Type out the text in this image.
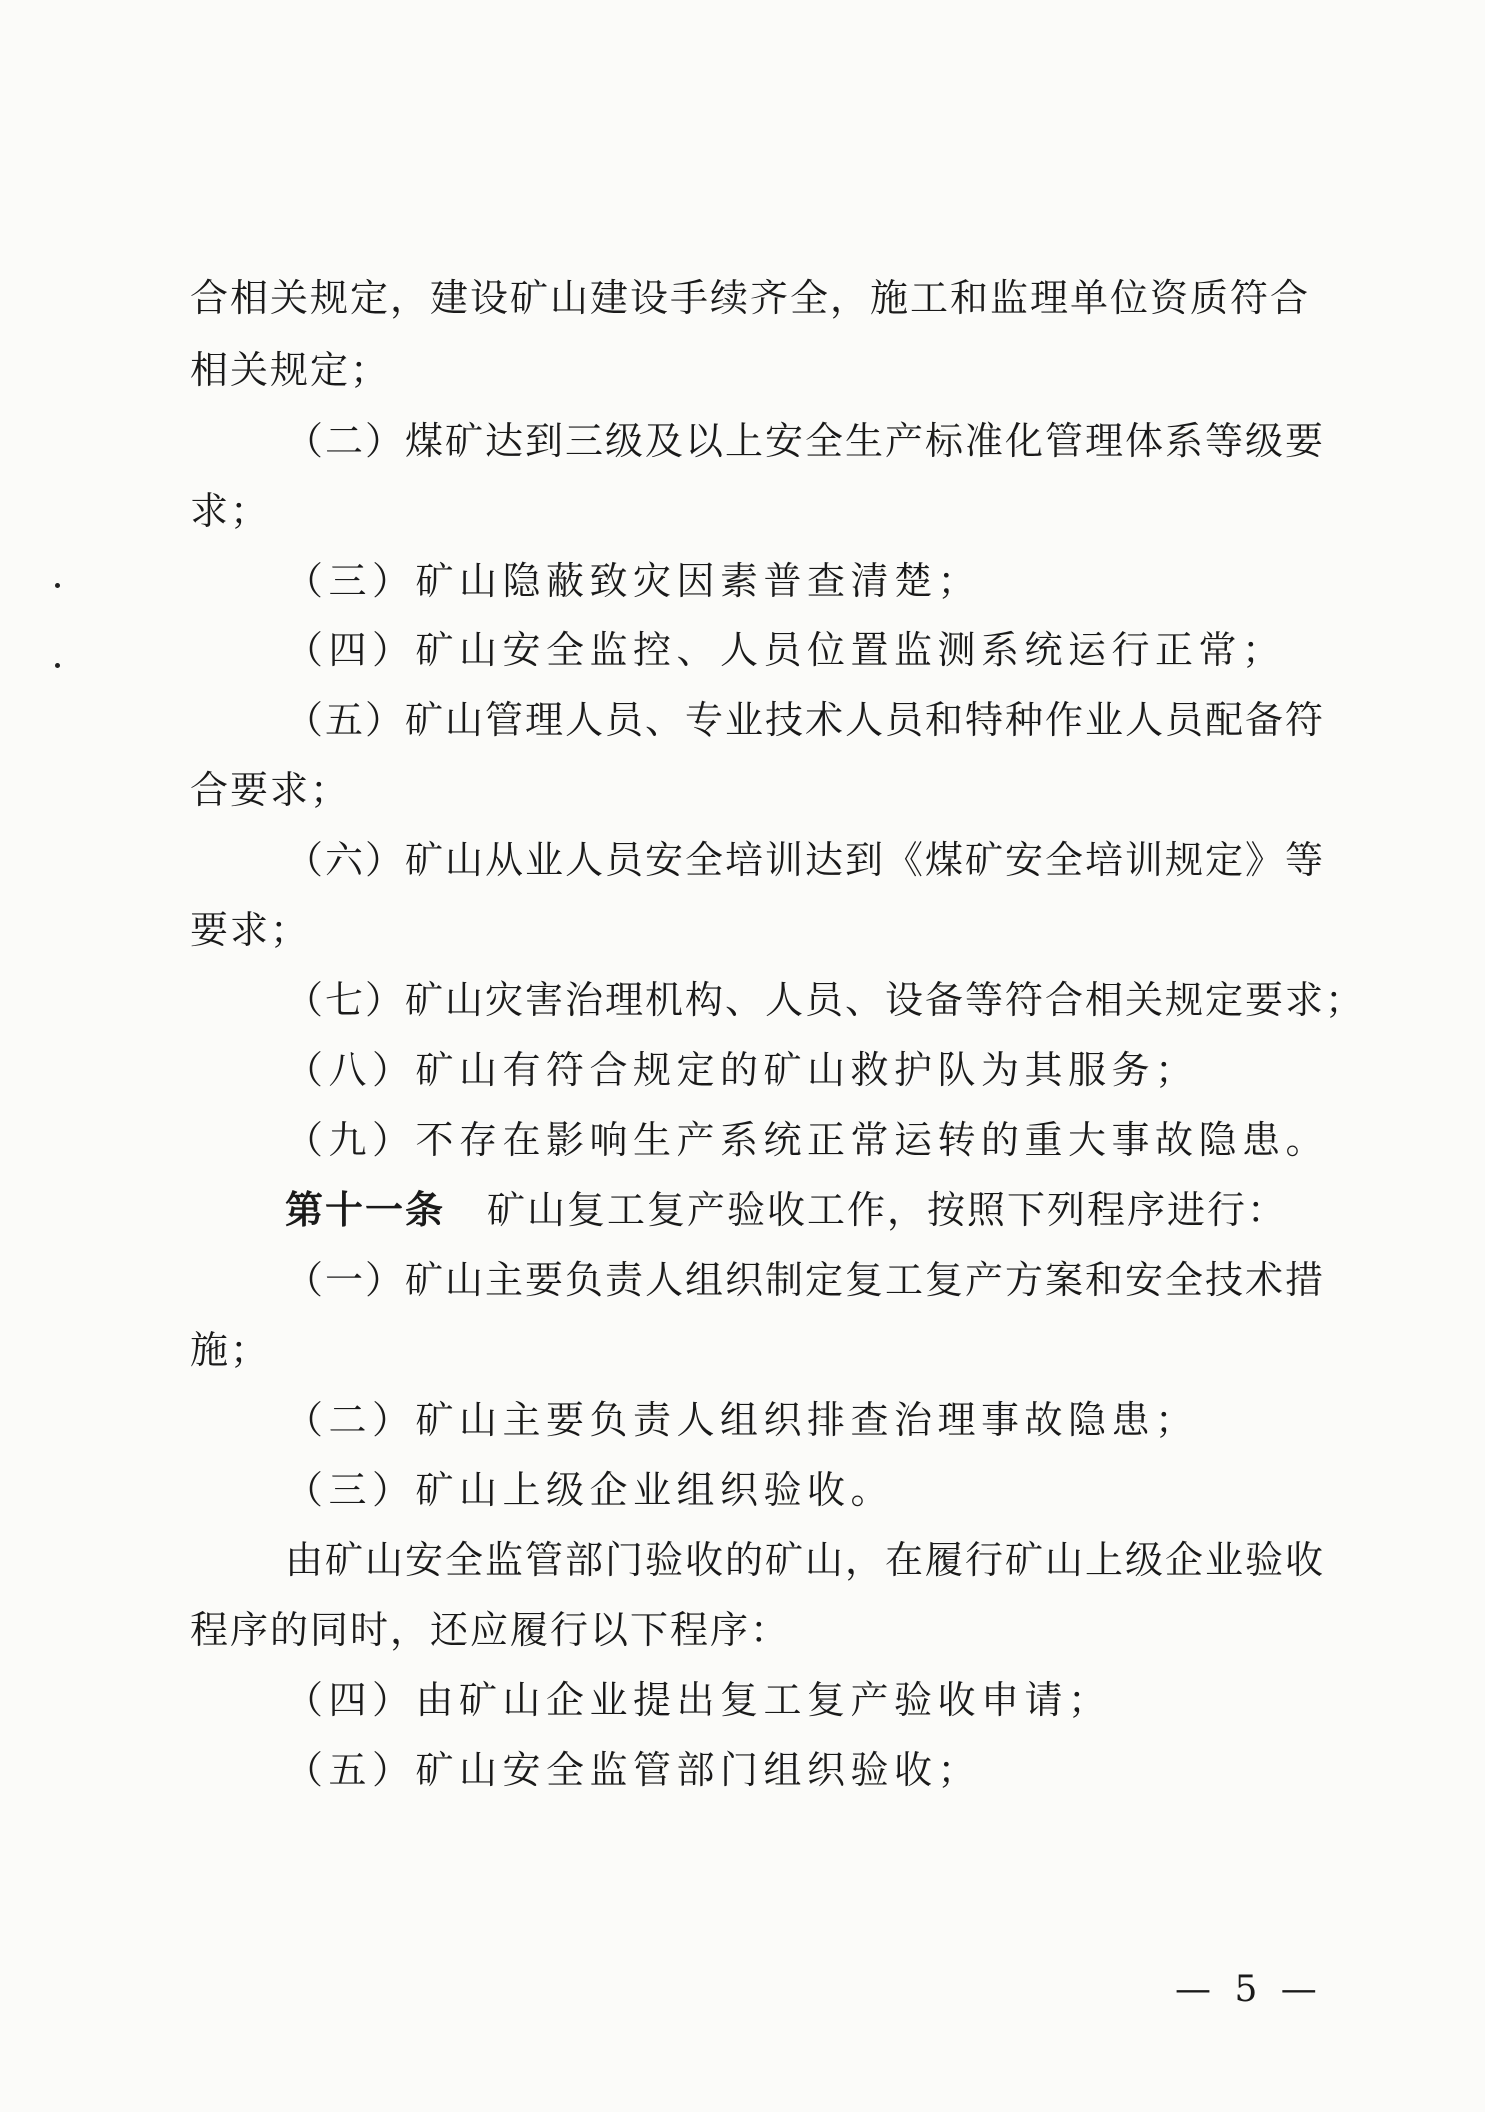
合相关规定，建设矿山建设手续齐全，施工和监理单位资质符合
相关规定；
（二）煤矿达到三级及以上安全生产标准化管理体系等级要
求；
（三）矿山隐蔽致灾因素普查清楚；
（四）矿山安全监控、人员位置监测系统运行正常；
（五）矿山管理人员、专业技术人员和特种作业人员配备符
合要求；
（六）矿山从业人员安全培训达到《煤矿安全培训规定》等
要求；
（七）矿山灾害治理机构、人员、设备等符合相关规定要求；
（八）矿山有符合规定的矿山救护队为其服务；
（九）不存在影响生产系统正常运转的重大事故隐患。
第十一条 矿山复工复产验收工作，按照下列程序进行：
（一）矿山主要负责人组织制定复工复产方案和安全技术措
施；
（二）矿山主要负责人组织排查治理事故隐患；
（三）矿山上级企业组织验收。
由矿山安全监管部门验收的矿山，在履行矿山上级企业验收
程序的同时，还应履行以下程序：
（四）由矿山企业提出复工复产验收申请；
（五）矿山安全监管部门组织验收；
— 5 —
